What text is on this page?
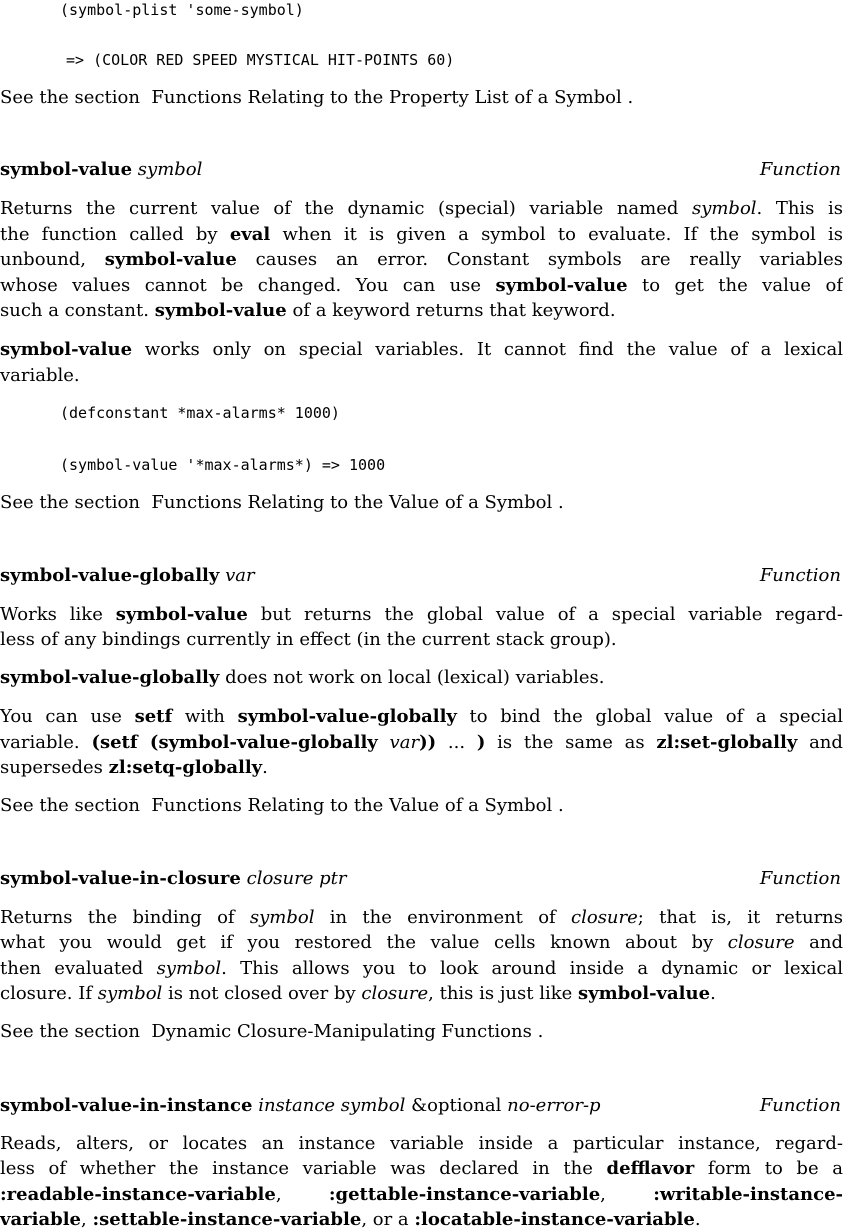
(symbol-plist 'some-symbol)
=> (COLOR RED SPEED MYSTICAL HIT-POINTS 60)
See the section Functions Relating to the Property List of a Symbol .
symbol-value symbol	Function
Returns the current value of the dynamic (special) variable named symbol. This is
the function called by eval when it is given a symbol to evaluate. If the symbol is
unbound, symbol-value causes an error. Constant symbols are really variables
whose values cannot be changed. You can use symbol-value to get the value of
such a constant. symbol-value of a keyword returns that keyword.
symbol-value works only on special variables. It cannot find the value of a lexical
variable.
(defconstant *max-alarms* 1000)
(symbol-value '*max-alarms*) => 1000
See the section Functions Relating to the Value of a Symbol .
symbol-value-globally var	Function
Works like symbol-value but returns the global value of a special variable regard-
less of any bindings currently in effect (in the current stack group).
symbol-value-globally does not work on local (lexical) variables.
You can use setf with symbol-value-globally to bind the global value of a special
variable. (setf (symbol-value-globally var)) ... ) is the same as zl:set-globally and
supersedes zl:setq-globally.
See the section Functions Relating to the Value of a Symbol .
symbol-value-in-closure closure ptr	Function
Returns the binding of symbol in the environment of closure; that is, it returns
what you would get if you restored the value cells known about by closure and
then evaluated symbol. This allows you to look around inside a dynamic or lexical
closure. If symbol is not closed over by closure, this is just like symbol-value.
See the section Dynamic Closure-Manipulating Functions .
symbol-value-in-instance instance symbol &optional no-error-p	Function
Reads, alters, or locates an instance variable inside a particular instance, regard-
less of whether the instance variable was declared in the defflavor form to be a
:readable-instance-variable,	:gettable-instance-variable,	:writable-instance-
variable, :settable-instance-variable, or a :locatable-instance-variable.
